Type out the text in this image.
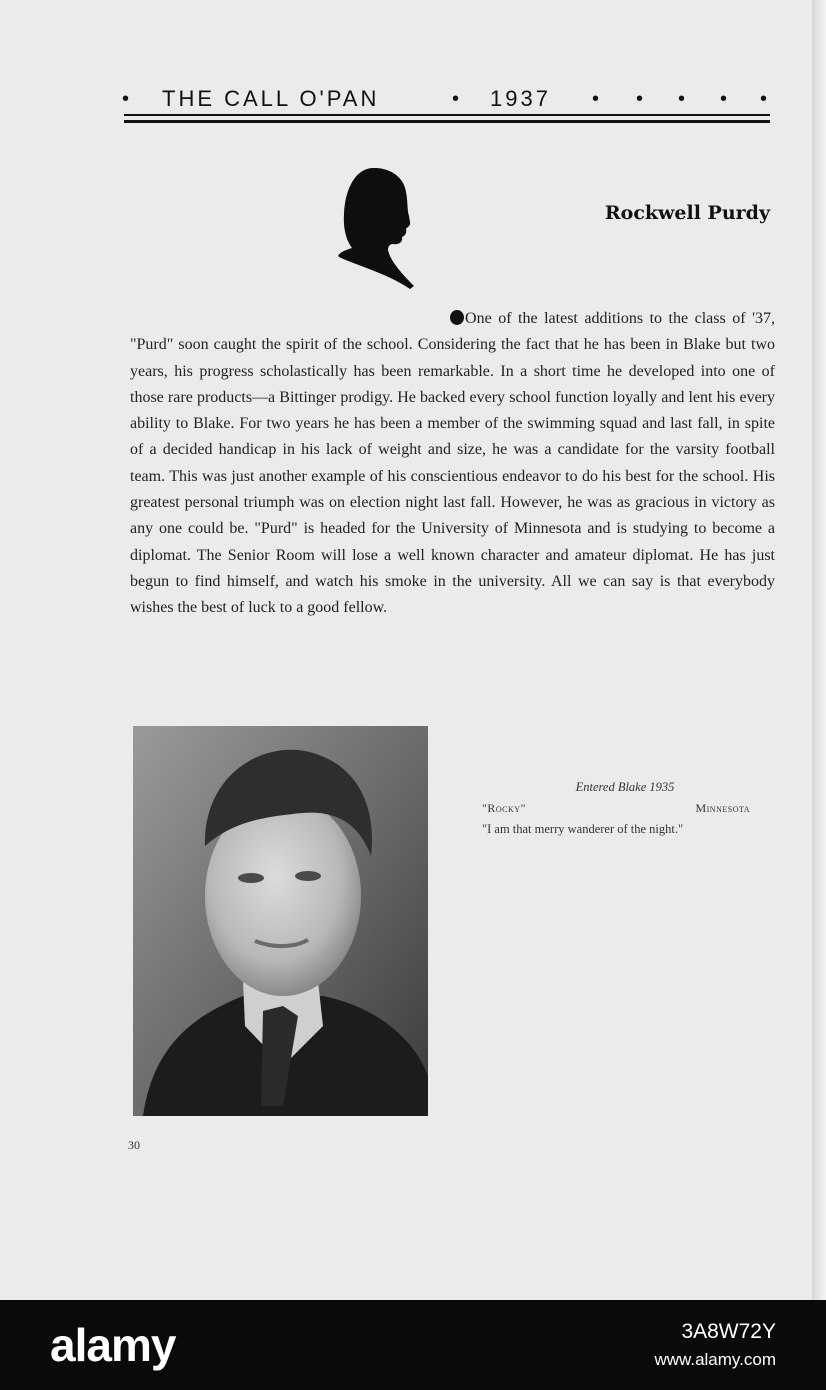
• THE CALL O'PAN	• 1937 • • • • •
Rockwell Purdy
One of the latest additions to the class of '37, "Purd" soon caught the spirit of the school. Considering the fact that he has been in Blake but two years, his progress scholastically has been remarkable. In a short time he developed into one of those rare products—a Bittinger prodigy. He backed every school function loyally and lent his every ability to Blake. For two years he has been a member of the swimming squad and last fall, in spite of a decided handicap in his lack of weight and size, he was a candidate for the varsity football team. This was just another example of his conscientious endeavor to do his best for the school. His greatest personal triumph was on election night last fall. However, he was as gracious in victory as any one could be. "Purd" is headed for the University of Minnesota and is studying to become a diplomat. The Senior Room will lose a well known character and amateur diplomat. He has just begun to find himself, and watch his smoke in the university. All we can say is that everybody wishes the best of luck to a good fellow.
Entered Blake 1935
"Rocky"	Minnesota
"I am that merry wanderer of the night."
30
alamy	3A8W72Y
www.alamy.com
